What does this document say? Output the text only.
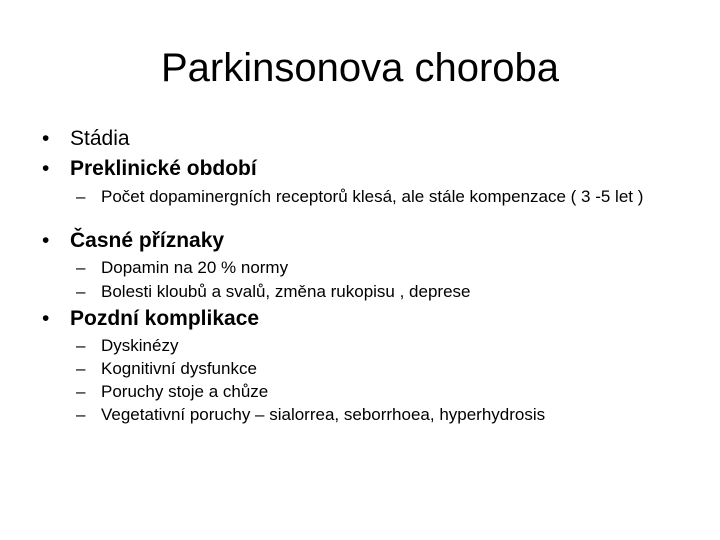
Parkinsonova choroba
• Stádia
• Preklinické období
– Počet dopaminergních receptorů klesá, ale stále kompenzace ( 3 -5 let )
• Časné příznaky
– Dopamin na 20 % normy
– Bolesti kloubů a svalů, změna rukopisu , deprese
• Pozdní komplikace
– Dyskinézy
– Kognitivní dysfunkce
– Poruchy stoje a chůze
– Vegetativní poruchy – sialorrea, seborrhoea, hyperhydrosis
